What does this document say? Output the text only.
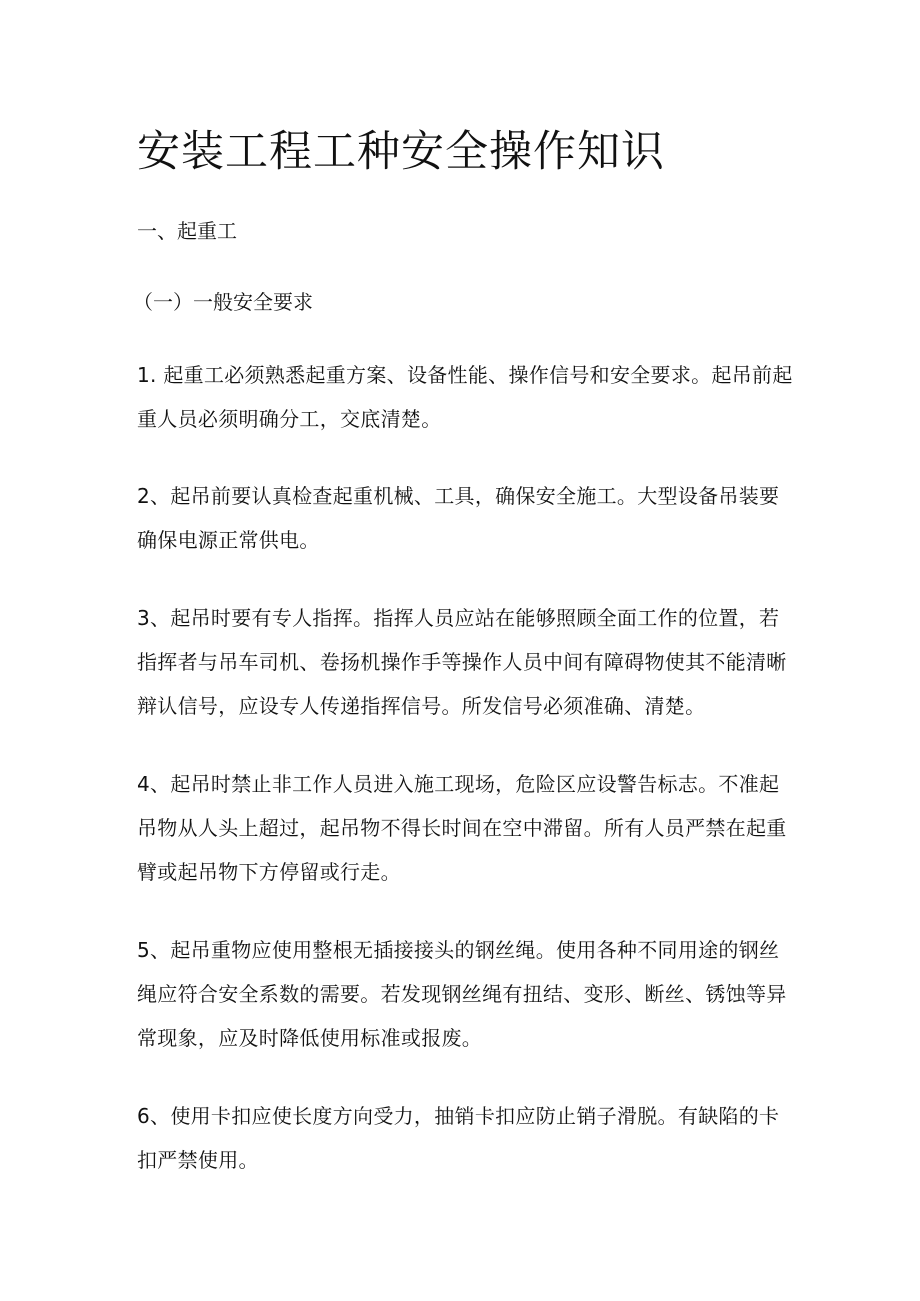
安装工程工种安全操作知识
一、起重工
（一）一般安全要求

1. 起重工必须熟悉起重方案、设备性能、操作信号和安全要求。起吊前起
重人员必须明确分工，交底清楚。

2、起吊前要认真检查起重机械、工具，确保安全施工。大型设备吊装要
确保电源正常供电。

3、起吊时要有专人指挥。指挥人员应站在能够照顾全面工作的位置，若
指挥者与吊车司机、卷扬机操作手等操作人员中间有障碍物使其不能清晰
辩认信号，应设专人传递指挥信号。所发信号必须准确、清楚。

4、起吊时禁止非工作人员进入施工现场，危险区应设警告标志。不准起
吊物从人头上超过，起吊物不得长时间在空中滞留。所有人员严禁在起重
臂或起吊物下方停留或行走。

5、起吊重物应使用整根无插接接头的钢丝绳。使用各种不同用途的钢丝
绳应符合安全系数的需要。若发现钢丝绳有扭结、变形、断丝、锈蚀等异
常现象，应及时降低使用标准或报废。

6、使用卡扣应使长度方向受力，抽销卡扣应防止销子滑脱。有缺陷的卡
扣严禁使用。
